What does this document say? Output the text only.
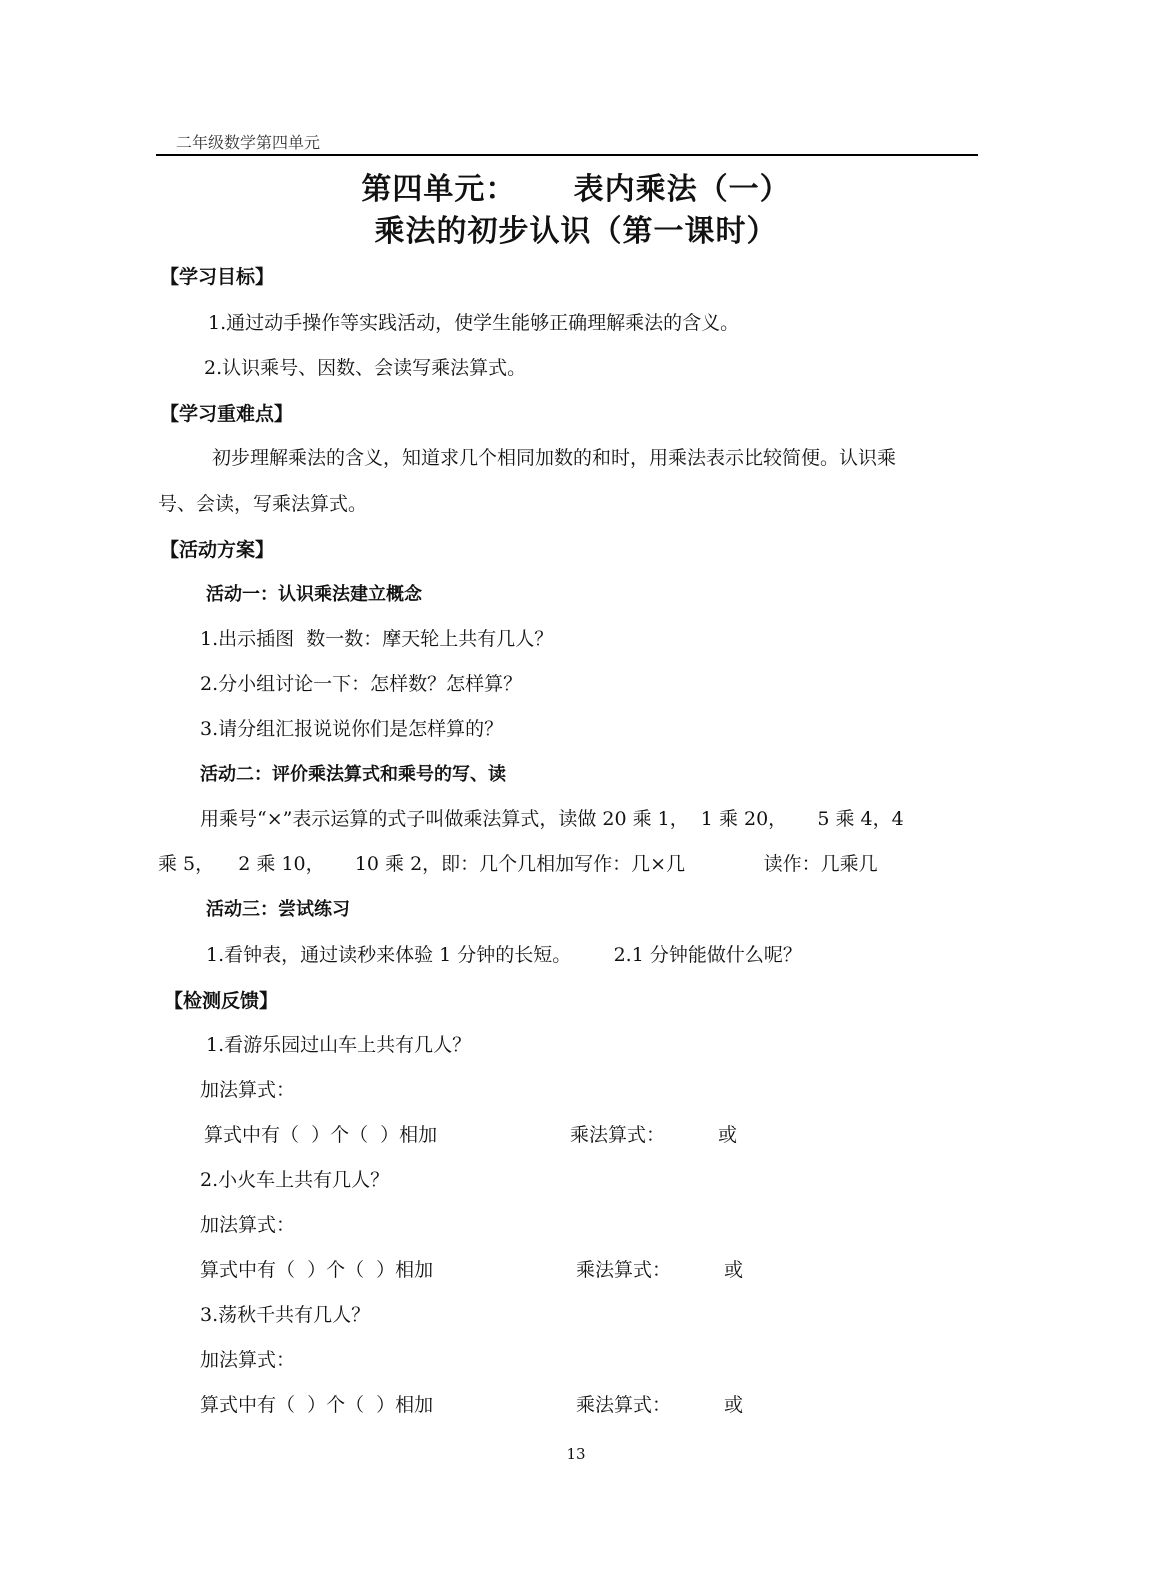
二年级数学第四单元
第四单元：     表内乘法（一）
乘法的初步认识（第一课时）
【学习目标】
1.通过动手操作等实践活动，使学生能够正确理解乘法的含义。
2.认识乘号、因数、会读写乘法算式。
【学习重难点】
初步理解乘法的含义，知道求几个相同加数的和时，用乘法表示比较简便。认识乘
号、会读，写乘法算式。
【活动方案】
活动一：认识乘法建立概念
1.出示插图  数一数：摩天轮上共有几人？
2.分小组讨论一下：怎样数？怎样算？
3.请分组汇报说说你们是怎样算的？
活动二：评价乘法算式和乘号的写、读
用乘号“×”表示运算的式子叫做乘法算式，读做 20 乘 1，  1 乘 20，     5 乘 4，4
乘 5，    2 乘 10，     10 乘 2，即：几个几相加写作：几×几             读作：几乘几
活动三：尝试练习
1.看钟表，通过读秒来体验 1 分钟的长短。       2.1 分钟能做什么呢？
【检测反馈】
1.看游乐园过山车上共有几人？
加法算式：
算式中有（  ）个（  ）相加	乘法算式：	或
2.小火车上共有几人？
加法算式：
算式中有（  ）个（  ）相加	乘法算式：	或
3.荡秋千共有几人？
加法算式：
算式中有（  ）个（  ）相加	乘法算式：	或
13
